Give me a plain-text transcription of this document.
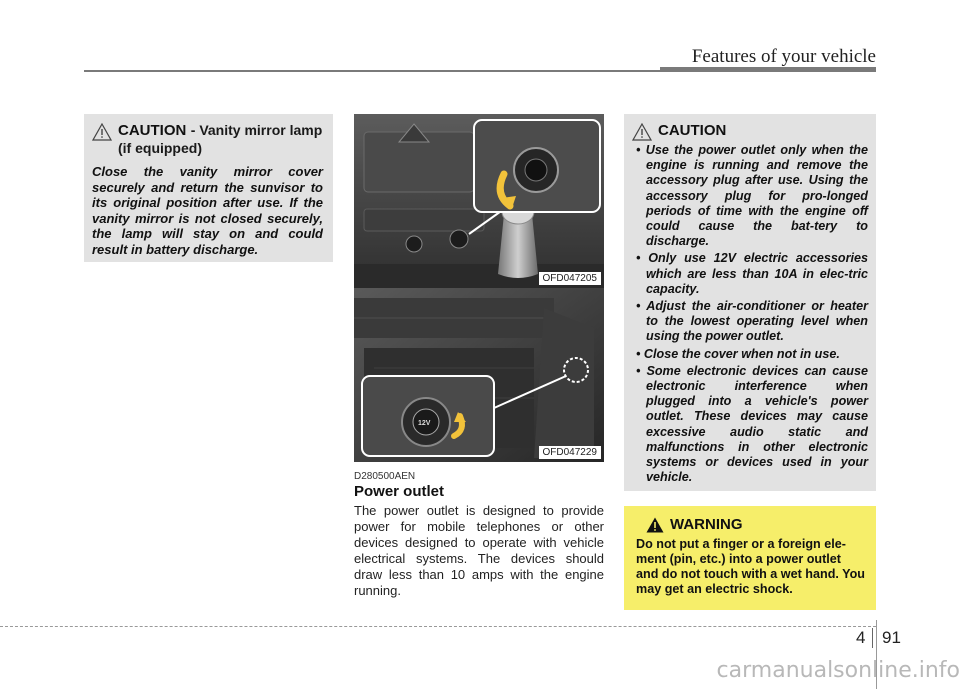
Features of your vehicle
CAUTION - Vanity mirror lamp (if equipped)
Close the vanity mirror cover securely and return the sunvisor to its original position after use. If the vanity mirror is not closed securely, the lamp will stay on and could result in battery discharge.
OFD047205
12V
OFD047229
D280500AEN
Power outlet
The power outlet is designed to provide power for mobile telephones or other devices designed to operate with vehicle electrical systems. The devices should draw less than 10 amps with the engine running.
CAUTION
• Use the power outlet only when the engine is running and remove the accessory plug after use. Using the accessory plug for pro-longed periods of time with the engine off could cause the bat-tery to discharge.
• Only use 12V electric accessories which are less than 10A in elec-tric capacity.
• Adjust the air-conditioner or heater to the lowest operating level when using the power outlet.
• Close the cover when not in use.
• Some electronic devices can cause electronic interference when plugged into a vehicle's power outlet. These devices may cause excessive audio static and malfunctions in other electronic systems or devices used in your vehicle.
WARNING
Do not put a finger or a foreign ele-ment (pin, etc.) into a power outlet and do not touch with a wet hand. You may get an electric shock.
4 91
carmanualsonline.info
